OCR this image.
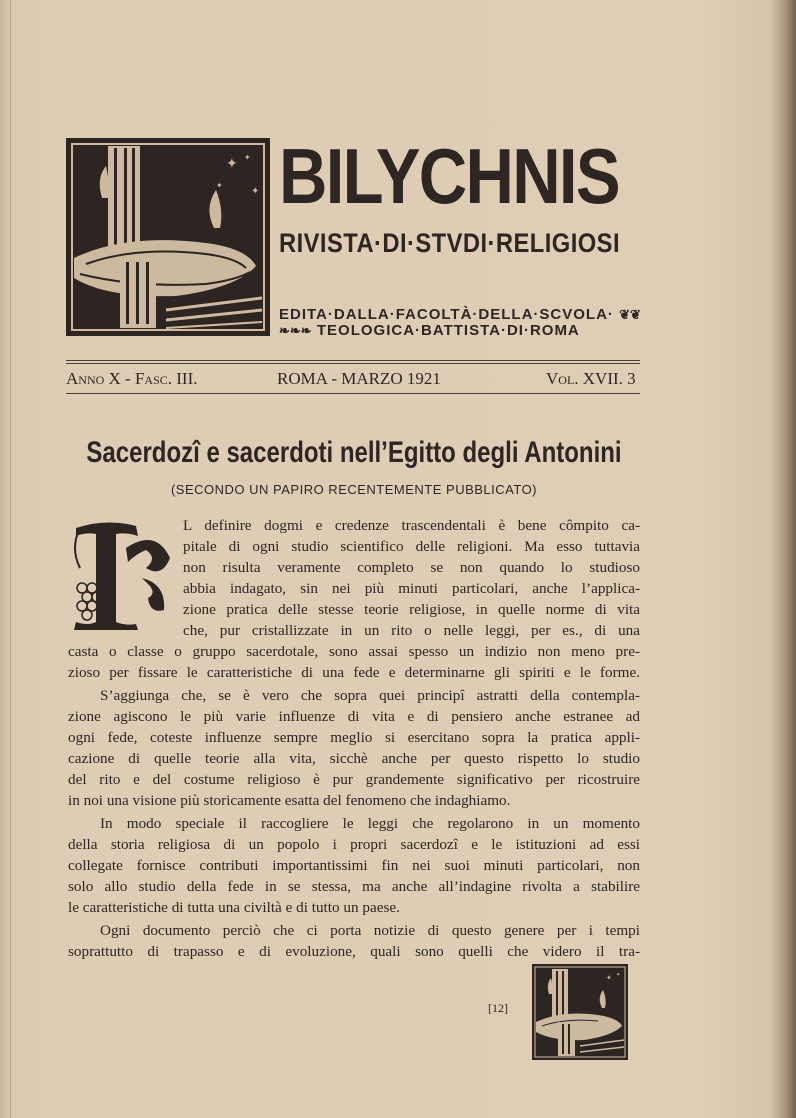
✦ ✦
✦
✦ BILYCHNIS
RIVISTA·DI·STVDI·RELIGIOSI
EDITA·DALLA·FACOLTÀ·DELLA·SCVOLA· ❦❦
❧❧❧ TEOLOGICA·BATTISTA·DI·ROMA
Anno X - Fasc. III.	ROMA - MARZO 1921	Vol. XVII. 3
Sacerdozî e sacerdoti nell’Egitto degli Antonini
(SECONDO UN PAPIRO RECENTEMENTE PUBBLICATO)
L definire dogmi e credenze trascendentali è bene cômpito ca-
pitale di ogni studio scientifico delle religioni. Ma esso tuttavia
non risulta veramente completo se non quando lo studioso
abbia indagato, sin nei più minuti particolari, anche l’applica-
zione pratica delle stesse teorie religiose, in quelle norme di vita
che, pur cristallizzate in un rito o nelle leggi, per es., di una
casta o classe o gruppo sacerdotale, sono assai spesso un indizio non meno pre-
zioso per fissare le caratteristiche di una fede e determinarne gli spiriti e le forme.
S’aggiunga che, se è vero che sopra quei principî astratti della contempla-
zione agiscono le più varie influenze di vita e di pensiero anche estranee ad
ogni fede, coteste influenze sempre meglio si esercitano sopra la pratica appli-
cazione di quelle teorie alla vita, sicchè anche per questo rispetto lo studio
del rito e del costume religioso è pur grandemente significativo per ricostruire
in noi una visione più storicamente esatta del fenomeno che indaghiamo.
In modo speciale il raccogliere le leggi che regolarono in un momento
della storia religiosa di un popolo i propri sacerdozî e le istituzioni ad essi
collegate fornisce contributi importantissimi fin nei suoi minuti particolari, non
solo allo studio della fede in se stessa, ma anche all’indagine rivolta a stabilire
le caratteristiche di tutta una civiltà e di tutto un paese.
Ogni documento perciò che ci porta notizie di questo genere per i tempi
soprattutto di trapasso e di evoluzione, quali sono quelli che videro il tra-
[12]
✦ ✦
